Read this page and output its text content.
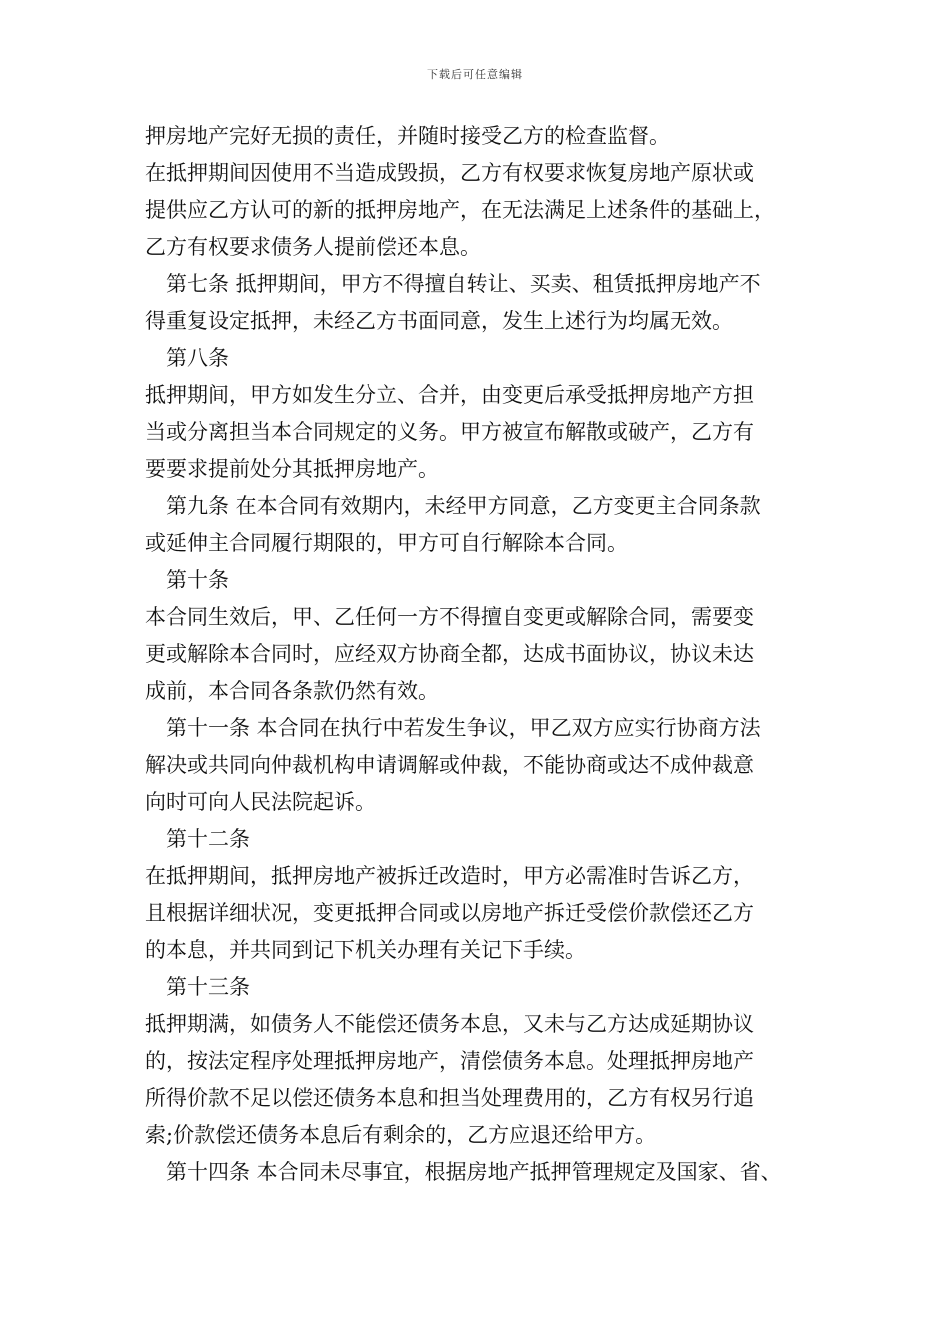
下载后可任意编辑
押房地产完好无损的责任，并随时接受乙方的检查监督。
在抵押期间因使用不当造成毁损，乙方有权要求恢复房地产原状或
提供应乙方认可的新的抵押房地产，在无法满足上述条件的基础上，
乙方有权要求债务人提前偿还本息。
第七条 抵押期间，甲方不得擅自转让、买卖、租赁抵押房地产不
得重复设定抵押，未经乙方书面同意，发生上述行为均属无效。
第八条
抵押期间，甲方如发生分立、合并，由变更后承受抵押房地产方担
当或分离担当本合同规定的义务。甲方被宣布解散或破产，乙方有
要要求提前处分其抵押房地产。
第九条 在本合同有效期内，未经甲方同意，乙方变更主合同条款
或延伸主合同履行期限的，甲方可自行解除本合同。
第十条
本合同生效后，甲、乙任何一方不得擅自变更或解除合同，需要变
更或解除本合同时，应经双方协商全都，达成书面协议，协议未达
成前，本合同各条款仍然有效。
第十一条 本合同在执行中若发生争议，甲乙双方应实行协商方法
解决或共同向仲裁机构申请调解或仲裁，不能协商或达不成仲裁意
向时可向人民法院起诉。
第十二条
在抵押期间，抵押房地产被拆迁改造时，甲方必需准时告诉乙方，
且根据详细状况，变更抵押合同或以房地产拆迁受偿价款偿还乙方
的本息，并共同到记下机关办理有关记下手续。
第十三条
抵押期满，如债务人不能偿还债务本息，又未与乙方达成延期协议
的，按法定程序处理抵押房地产，清偿债务本息。处理抵押房地产
所得价款不足以偿还债务本息和担当处理费用的，乙方有权另行追
索;价款偿还债务本息后有剩余的，乙方应退还给甲方。
第十四条 本合同未尽事宜，根据房地产抵押管理规定及国家、省、
